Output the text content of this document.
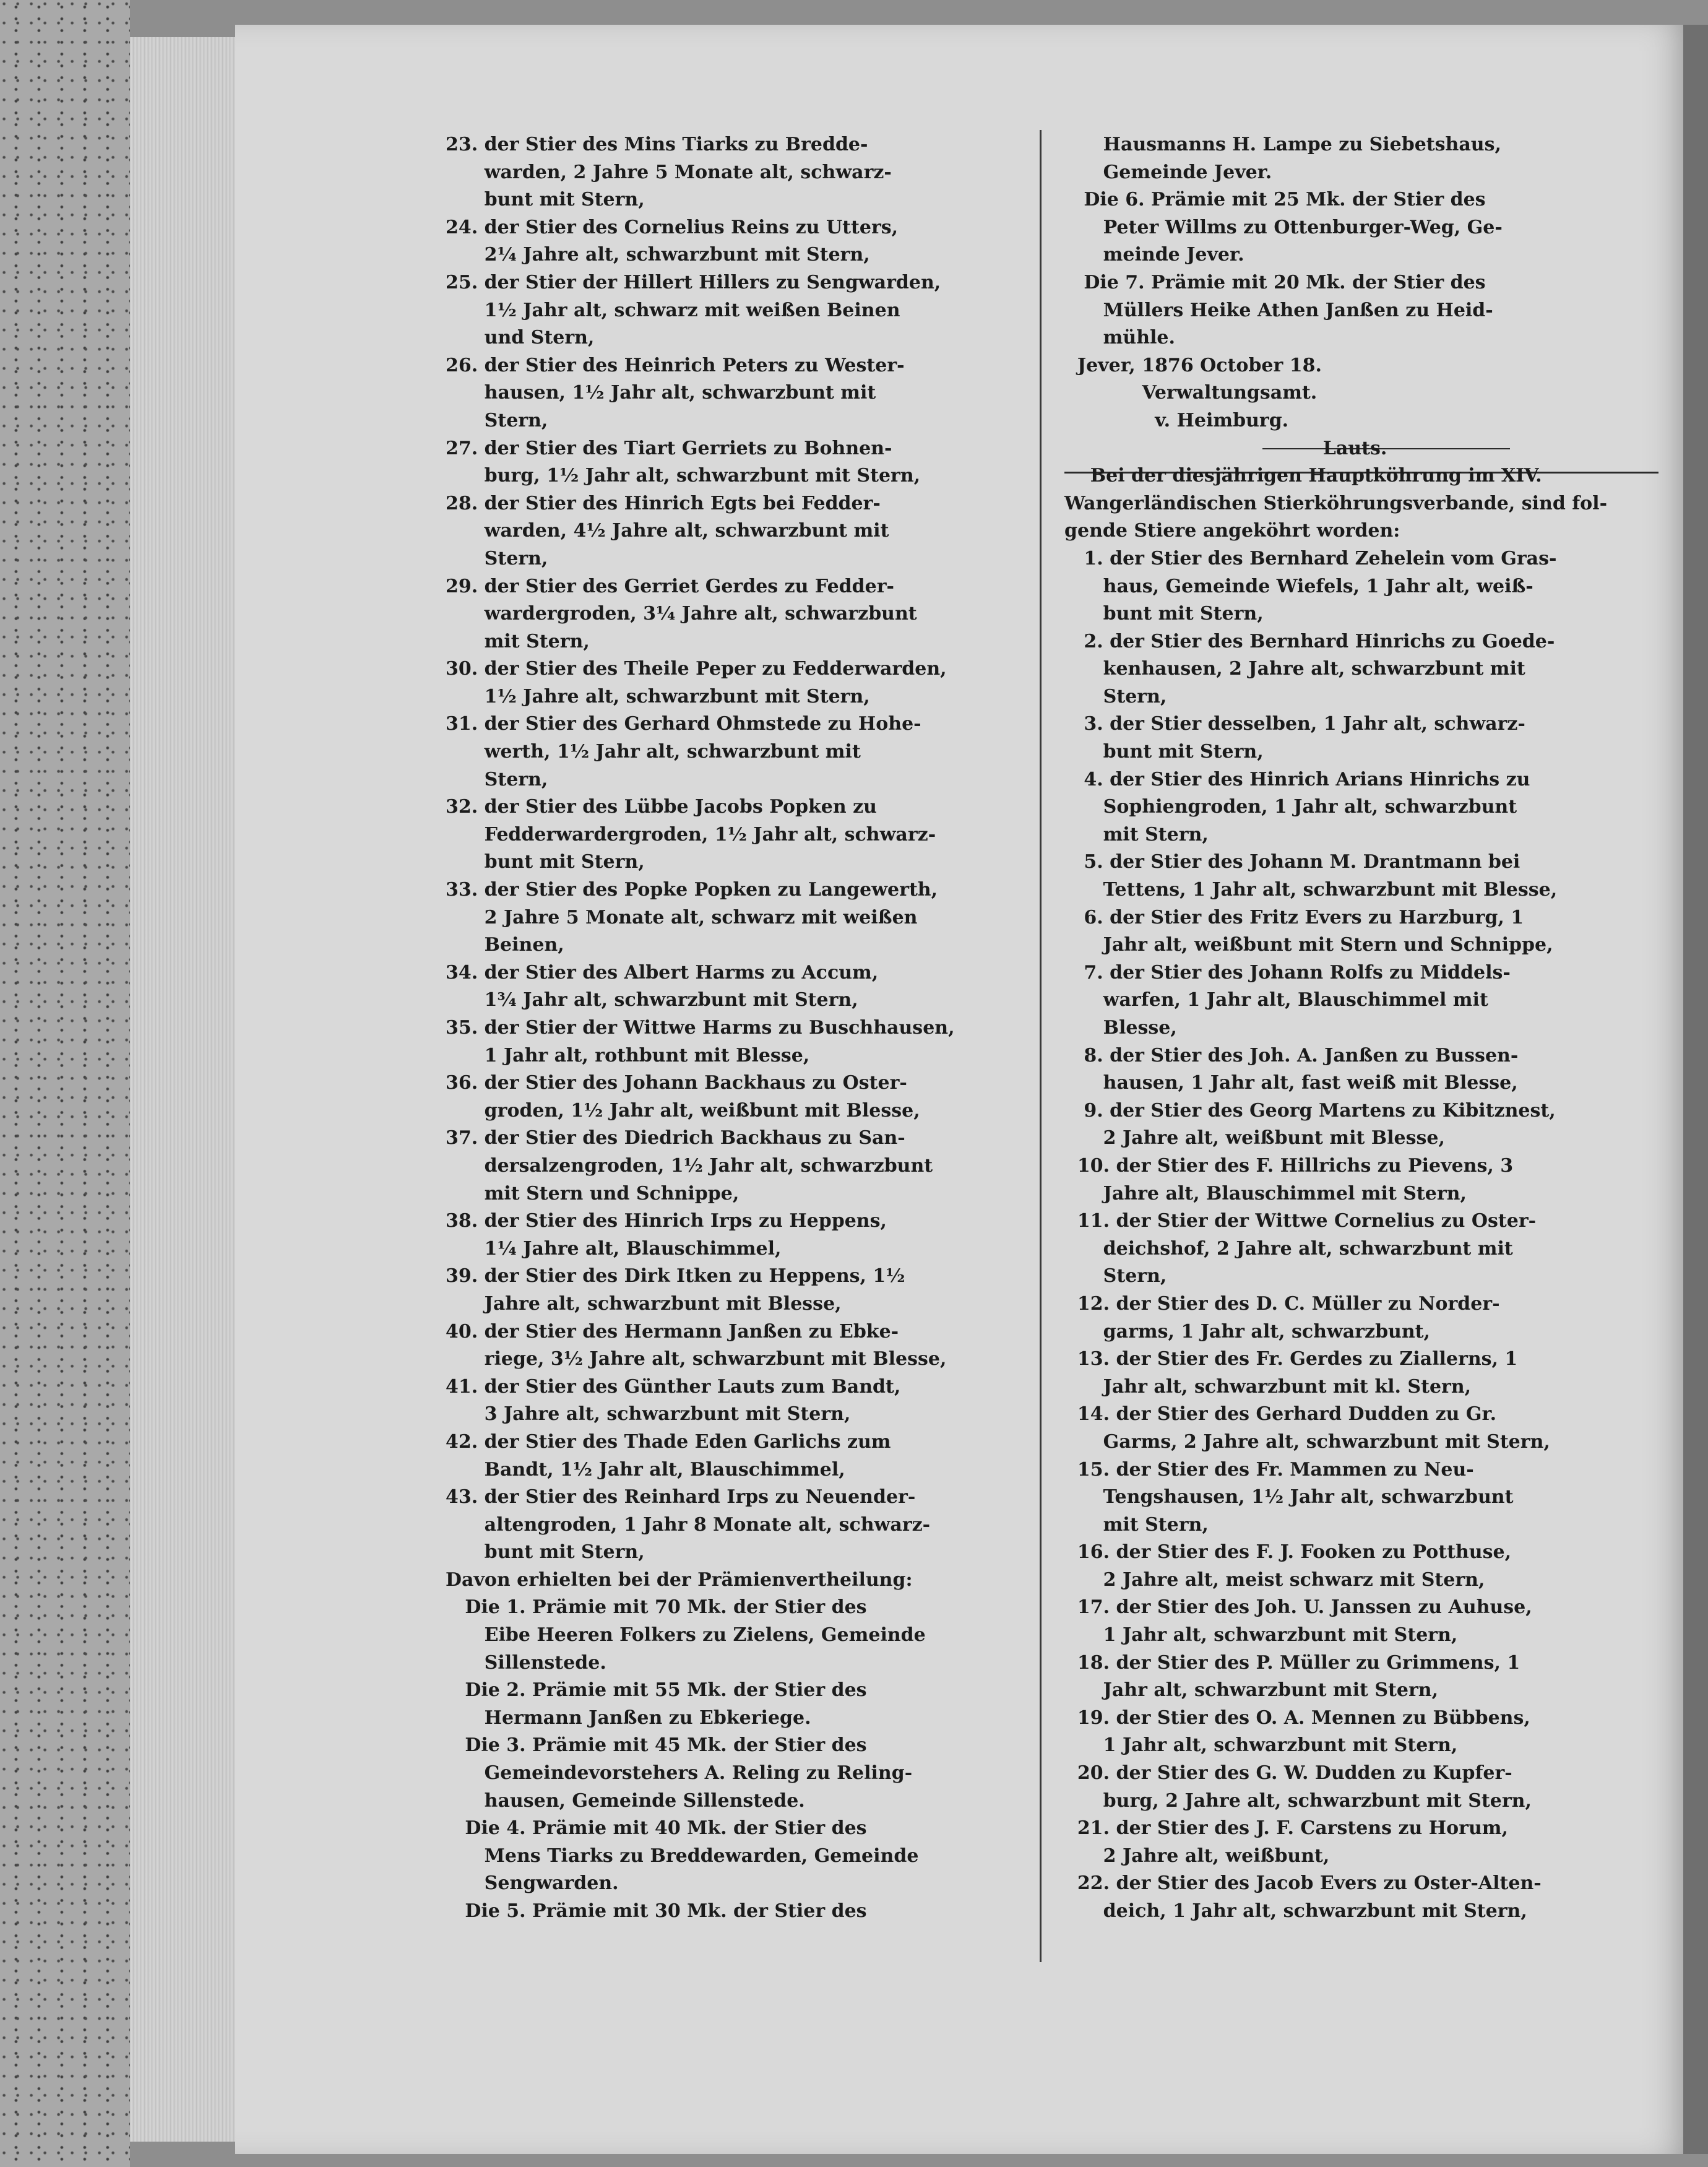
23. der Stier des Mins Tiarks zu Bredde-
warden, 2 Jahre 5 Monate alt, schwarz-
bunt mit Stern,
24. der Stier des Cornelius Reins zu Utters,
2¼ Jahre alt, schwarzbunt mit Stern,
25. der Stier der Hillert Hillers zu Sengwarden,
1½ Jahr alt, schwarz mit weißen Beinen
und Stern,
26. der Stier des Heinrich Peters zu Wester-
hausen, 1½ Jahr alt, schwarzbunt mit
Stern,
27. der Stier des Tiart Gerriets zu Bohnen-
burg, 1½ Jahr alt, schwarzbunt mit Stern,
28. der Stier des Hinrich Egts bei Fedder-
warden, 4½ Jahre alt, schwarzbunt mit
Stern,
29. der Stier des Gerriet Gerdes zu Fedder-
wardergroden, 3¼ Jahre alt, schwarzbunt
mit Stern,
30. der Stier des Theile Peper zu Fedderwarden,
1½ Jahre alt, schwarzbunt mit Stern,
31. der Stier des Gerhard Ohmstede zu Hohe-
werth, 1½ Jahr alt, schwarzbunt mit
Stern,
32. der Stier des Lübbe Jacobs Popken zu
Fedderwardergroden, 1½ Jahr alt, schwarz-
bunt mit Stern,
33. der Stier des Popke Popken zu Langewerth,
2 Jahre 5 Monate alt, schwarz mit weißen
Beinen,
34. der Stier des Albert Harms zu Accum,
1¾ Jahr alt, schwarzbunt mit Stern,
35. der Stier der Wittwe Harms zu Buschhausen,
1 Jahr alt, rothbunt mit Blesse,
36. der Stier des Johann Backhaus zu Oster-
groden, 1½ Jahr alt, weißbunt mit Blesse,
37. der Stier des Diedrich Backhaus zu San-
dersalzengroden, 1½ Jahr alt, schwarzbunt
mit Stern und Schnippe,
38. der Stier des Hinrich Irps zu Heppens,
1¼ Jahre alt, Blauschimmel,
39. der Stier des Dirk Itken zu Heppens, 1½
Jahre alt, schwarzbunt mit Blesse,
40. der Stier des Hermann Janßen zu Ebke-
riege, 3½ Jahre alt, schwarzbunt mit Blesse,
41. der Stier des Günther Lauts zum Bandt,
3 Jahre alt, schwarzbunt mit Stern,
42. der Stier des Thade Eden Garlichs zum
Bandt, 1½ Jahr alt, Blauschimmel,
43. der Stier des Reinhard Irps zu Neuender-
altengroden, 1 Jahr 8 Monate alt, schwarz-
bunt mit Stern,
Davon erhielten bei der Prämienvertheilung:
Die 1. Prämie mit 70 Mk. der Stier des
Eibe Heeren Folkers zu Zielens, Gemeinde
Sillenstede.
Die 2. Prämie mit 55 Mk. der Stier des
Hermann Janßen zu Ebkeriege.
Die 3. Prämie mit 45 Mk. der Stier des
Gemeindevorstehers A. Reling zu Reling-
hausen, Gemeinde Sillenstede.
Die 4. Prämie mit 40 Mk. der Stier des
Mens Tiarks zu Breddewarden, Gemeinde
Sengwarden.
Die 5. Prämie mit 30 Mk. der Stier des
Hausmanns H. Lampe zu Siebetshaus,
Gemeinde Jever.
Die 6. Prämie mit 25 Mk. der Stier des
Peter Willms zu Ottenburger-Weg, Ge-
meinde Jever.
Die 7. Prämie mit 20 Mk. der Stier des
Müllers Heike Athen Janßen zu Heid-
mühle.
Jever, 1876 October 18.
Verwaltungsamt.
v. Heimburg.
Lauts.
Bei der diesjährigen Hauptköhrung im XIV.
Wangerländischen Stierköhrungsverbande, sind fol-
gende Stiere angeköhrt worden:
1. der Stier des Bernhard Zehelein vom Gras-
haus, Gemeinde Wiefels, 1 Jahr alt, weiß-
bunt mit Stern,
2. der Stier des Bernhard Hinrichs zu Goede-
kenhausen, 2 Jahre alt, schwarzbunt mit
Stern,
3. der Stier desselben, 1 Jahr alt, schwarz-
bunt mit Stern,
4. der Stier des Hinrich Arians Hinrichs zu
Sophiengroden, 1 Jahr alt, schwarzbunt
mit Stern,
5. der Stier des Johann M. Drantmann bei
Tettens, 1 Jahr alt, schwarzbunt mit Blesse,
6. der Stier des Fritz Evers zu Harzburg, 1
Jahr alt, weißbunt mit Stern und Schnippe,
7. der Stier des Johann Rolfs zu Middels-
warfen, 1 Jahr alt, Blauschimmel mit
Blesse,
8. der Stier des Joh. A. Janßen zu Bussen-
hausen, 1 Jahr alt, fast weiß mit Blesse,
9. der Stier des Georg Martens zu Kibitznest,
2 Jahre alt, weißbunt mit Blesse,
10. der Stier des F. Hillrichs zu Pievens, 3
Jahre alt, Blauschimmel mit Stern,
11. der Stier der Wittwe Cornelius zu Oster-
deichshof, 2 Jahre alt, schwarzbunt mit
Stern,
12. der Stier des D. C. Müller zu Norder-
garms, 1 Jahr alt, schwarzbunt,
13. der Stier des Fr. Gerdes zu Ziallerns, 1
Jahr alt, schwarzbunt mit kl. Stern,
14. der Stier des Gerhard Dudden zu Gr.
Garms, 2 Jahre alt, schwarzbunt mit Stern,
15. der Stier des Fr. Mammen zu Neu-
Tengshausen, 1½ Jahr alt, schwarzbunt
mit Stern,
16. der Stier des F. J. Fooken zu Potthuse,
2 Jahre alt, meist schwarz mit Stern,
17. der Stier des Joh. U. Janssen zu Auhuse,
1 Jahr alt, schwarzbunt mit Stern,
18. der Stier des P. Müller zu Grimmens, 1
Jahr alt, schwarzbunt mit Stern,
19. der Stier des O. A. Mennen zu Bübbens,
1 Jahr alt, schwarzbunt mit Stern,
20. der Stier des G. W. Dudden zu Kupfer-
burg, 2 Jahre alt, schwarzbunt mit Stern,
21. der Stier des J. F. Carstens zu Horum,
2 Jahre alt, weißbunt,
22. der Stier des Jacob Evers zu Oster-Alten-
deich, 1 Jahr alt, schwarzbunt mit Stern,
